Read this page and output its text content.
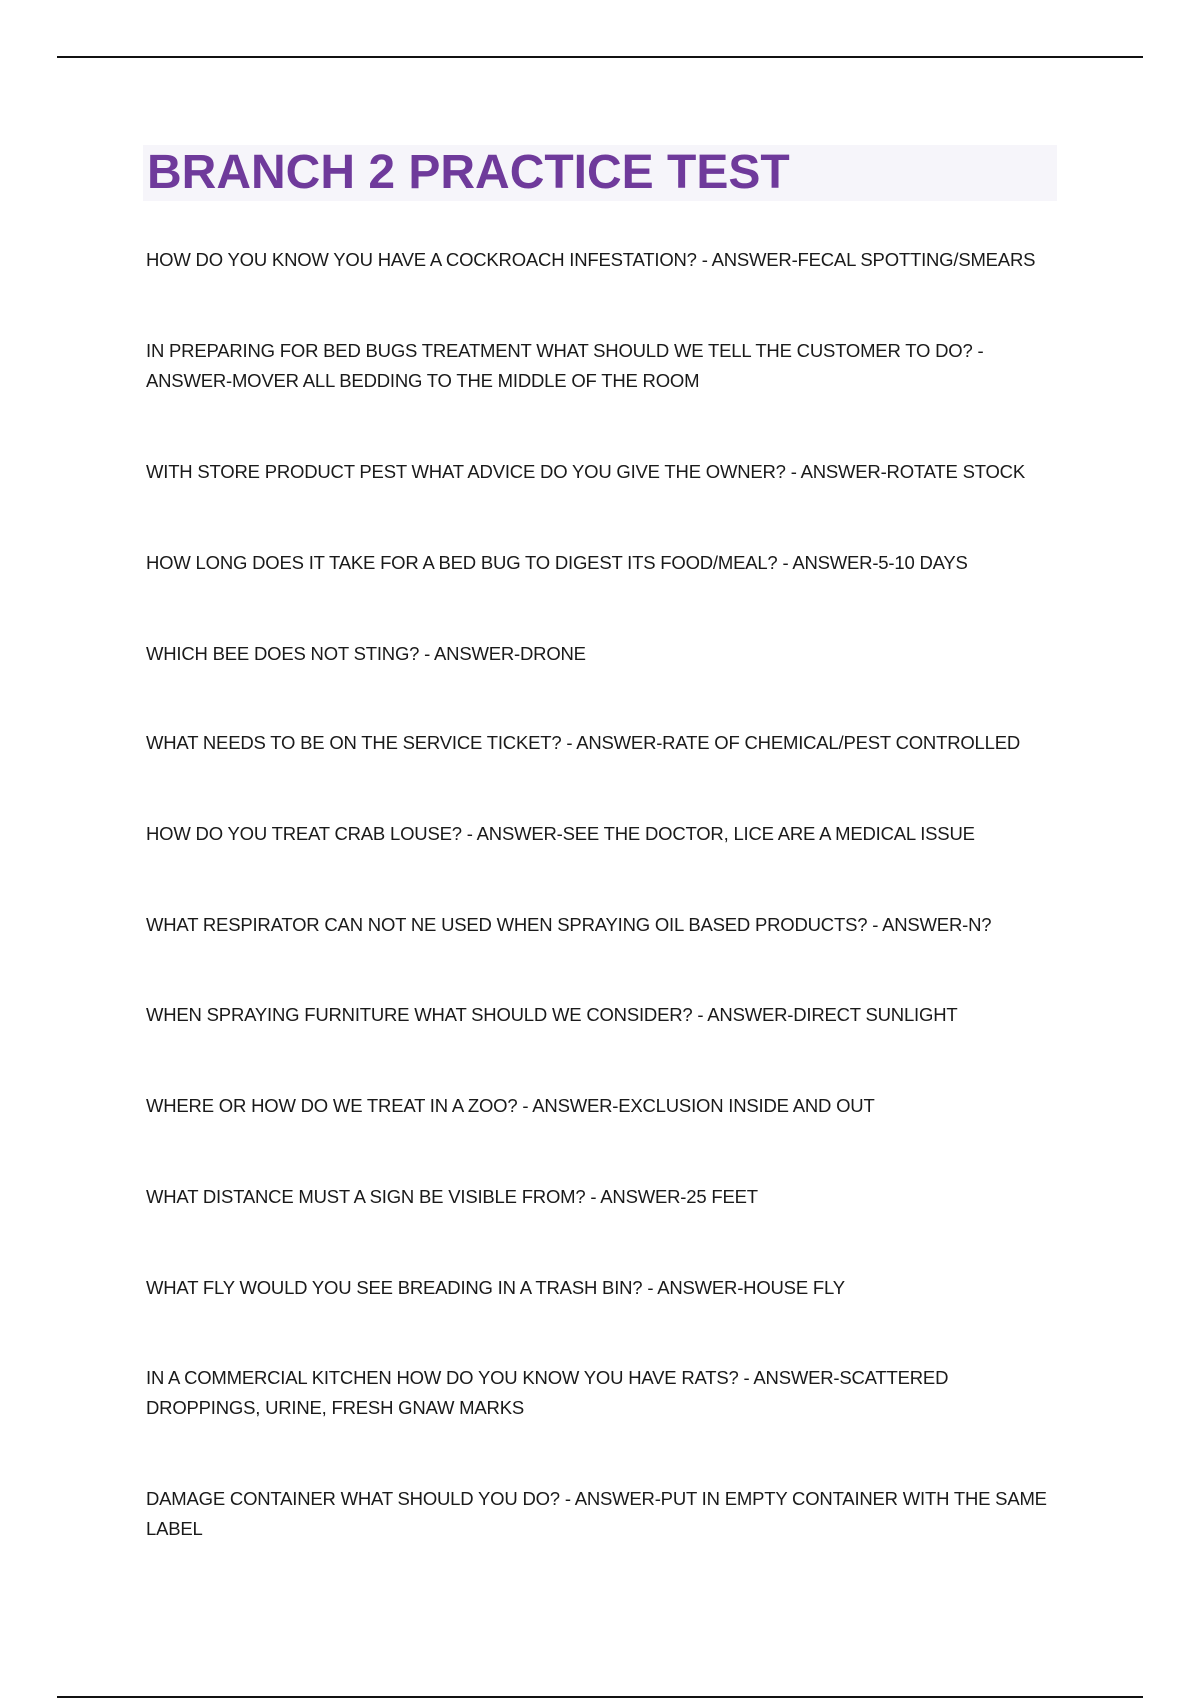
BRANCH 2 PRACTICE TEST
HOW DO YOU KNOW YOU HAVE A COCKROACH INFESTATION? - ANSWER-FECAL SPOTTING/SMEARS
IN PREPARING FOR BED BUGS TREATMENT WHAT SHOULD WE TELL THE CUSTOMER TO DO? - ANSWER-MOVER ALL BEDDING TO THE MIDDLE OF THE ROOM
WITH STORE PRODUCT PEST WHAT ADVICE DO YOU GIVE THE OWNER? - ANSWER-ROTATE STOCK
HOW LONG DOES IT TAKE FOR A BED BUG TO DIGEST ITS FOOD/MEAL? - ANSWER-5-10 DAYS
WHICH BEE DOES NOT STING? - ANSWER-DRONE
WHAT NEEDS TO BE ON THE SERVICE TICKET? - ANSWER-RATE OF CHEMICAL/PEST CONTROLLED
HOW DO YOU TREAT CRAB LOUSE? - ANSWER-SEE THE DOCTOR, LICE ARE A MEDICAL ISSUE
WHAT RESPIRATOR CAN NOT NE USED WHEN SPRAYING OIL BASED PRODUCTS? - ANSWER-N?
WHEN SPRAYING FURNITURE WHAT SHOULD WE CONSIDER? - ANSWER-DIRECT SUNLIGHT
WHERE OR HOW DO WE TREAT IN A ZOO? - ANSWER-EXCLUSION INSIDE AND OUT
WHAT DISTANCE MUST A SIGN BE VISIBLE FROM? - ANSWER-25 FEET
WHAT FLY WOULD YOU SEE BREADING IN A TRASH BIN? - ANSWER-HOUSE FLY
IN A COMMERCIAL KITCHEN HOW DO YOU KNOW YOU HAVE RATS? - ANSWER-SCATTERED DROPPINGS, URINE, FRESH GNAW MARKS
DAMAGE CONTAINER WHAT SHOULD YOU DO? - ANSWER-PUT IN EMPTY CONTAINER WITH THE SAME LABEL
